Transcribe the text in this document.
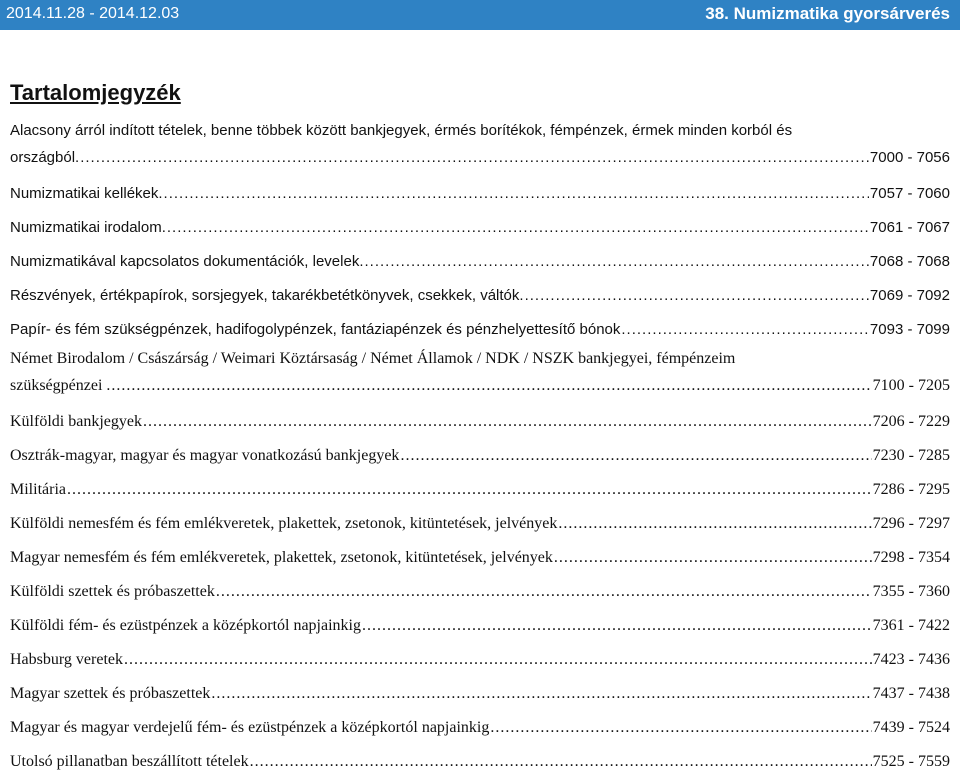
2014.11.28 - 2014.12.03	38. Numizmatika gyorsárverés
Tartalomjegyzék
Alacsony árról indított tételek, benne többek között bankjegyek, érmés borítékok, fémpénzek, érmek minden korból és
országból. .....	7000 - 7056
Numizmatikai kellékek. .....	7057 - 7060
Numizmatikai irodalom. .....	7061 - 7067
Numizmatikával kapcsolatos dokumentációk, levelek. .....	7068 - 7068
Részvények, értékpapírok, sorsjegyek, takarékbetétkönyvek, csekkek, váltók. .....	7069 - 7092
Papír- és fém szükségpénzek, hadifogolypénzek, fantáziapénzek és pénzhelyettesítő bónok .....	7093 - 7099
Német Birodalom / Császárság / Weimari Köztársaság / Német Államok / NDK / NSZK bankjegyei, fémpénzeim
szükségpénzei . .....	7100 - 7205
Külföldi bankjegyek .....	7206 - 7229
Osztrák-magyar, magyar és magyar vonatkozású bankjegyek .....	7230 - 7285
Militária .....	7286 - 7295
Külföldi nemesfém és fém emlékveretek, plakettek, zsetonok, kitüntetések, jelvények .....	7296 - 7297
Magyar nemesfém és fém emlékveretek, plakettek, zsetonok, kitüntetések, jelvények .....	7298 - 7354
Külföldi szettek és próbaszettek .....	7355 - 7360
Külföldi fém- és ezüstpénzek a középkortól napjainkig .....	7361 - 7422
Habsburg veretek .....	7423 - 7436
Magyar szettek és próbaszettek .....	7437 - 7438
Magyar és magyar verdejelű fém- és ezüstpénzek a középkortól napjainkig .....	7439 - 7524
Utolsó pillanatban beszállított tételek .....	7525 - 7559
